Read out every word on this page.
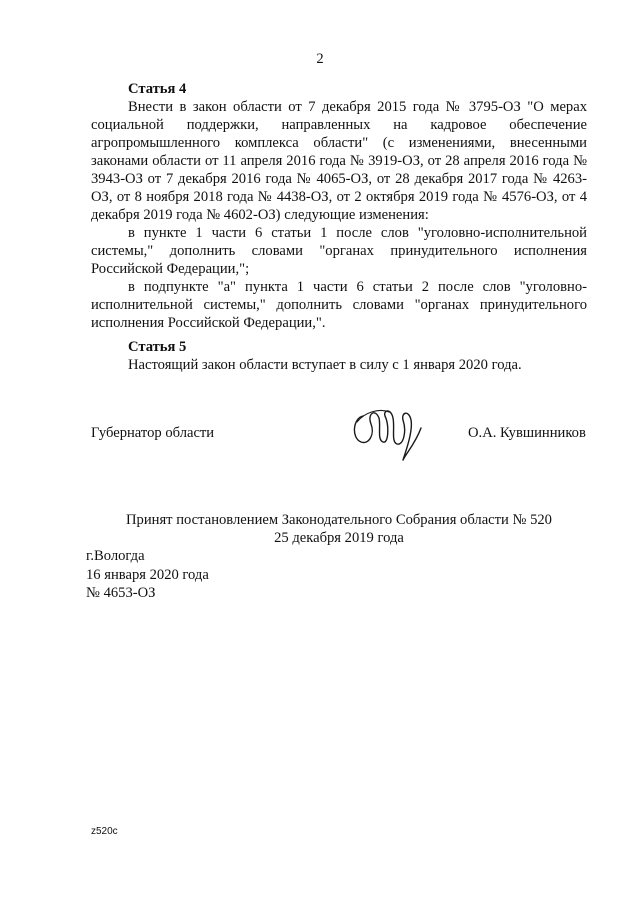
2
Статья 4

Внести в закон области от 7 декабря 2015 года № 3795-ОЗ "О мерах социальной поддержки, направленных на кадровое обеспечение агропромышленного комплекса области" (с изменениями, внесенными законами области от 11 апреля 2016 года № 3919-ОЗ, от 28 апреля 2016 года № 3943-ОЗ от 7 декабря 2016 года № 4065-ОЗ, от 28 декабря 2017 года № 4263-ОЗ, от 8 ноября 2018 года № 4438-ОЗ, от 2 октября 2019 года № 4576-ОЗ, от 4 декабря 2019 года № 4602-ОЗ) следующие изменения:

в пункте 1 части 6 статьи 1 после слов "уголовно-исполнительной системы," дополнить словами "органах принудительного исполнения Российской Федерации,";

в подпункте "а" пункта 1 части 6 статьи 2 после слов "уголовно-исполнительной системы," дополнить словами "органах принудительного исполнения Российской Федерации,".

Статья 5
Настоящий закон области вступает в силу с 1 января 2020 года.
Губернатор области	О.А. Кувшинников
Принят постановлением Законодательного Собрания области № 520
25 декабря 2019 года
г.Вологда
16 января 2020 года
№ 4653-ОЗ
z520c
